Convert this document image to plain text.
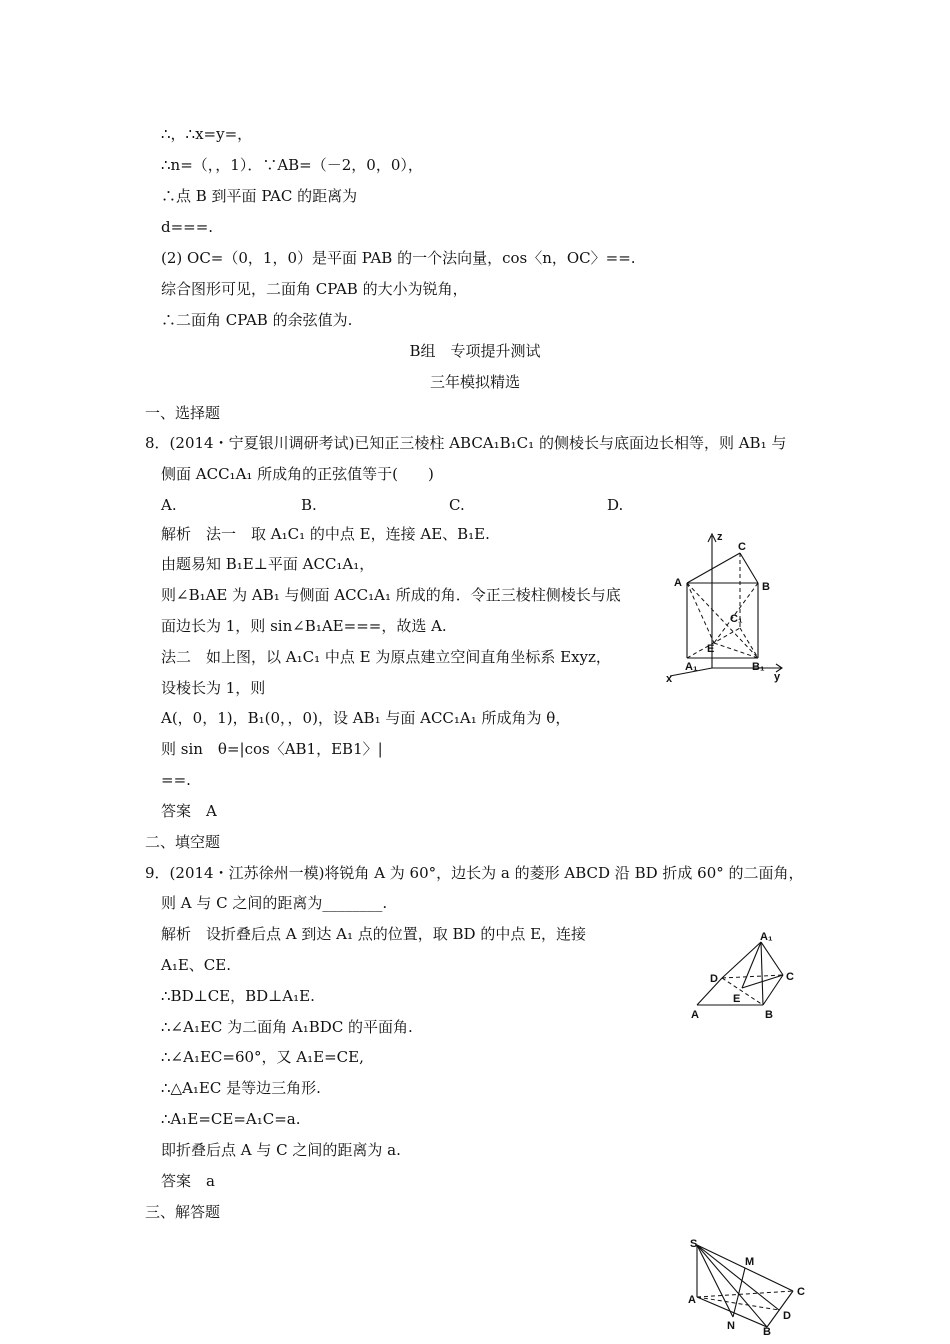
∴，∴x=y=，
∴n=（，，1）．∵AB=（－2，0，0），
∴点 B 到平面 PAC 的距离为
d===.
(2) OC=（0，1，0）是平面 PAB 的一个法向量，cos〈n，OC〉==.
综合图形可见，二面角 CPAB 的大小为锐角，
∴二面角 CPAB 的余弦值为.
B组　专项提升测试
三年模拟精选
一、选择题
8．(2014・宁夏银川调研考试)已知正三棱柱 ABCA₁B₁C₁ 的侧棱长与底面边长相等，则 AB₁ 与
侧面 ACC₁A₁ 所成角的正弦值等于(　　)
A.	B.	C.	D.
解析　法一　取 A₁C₁ 的中点 E，连接 AE、B₁E.
由题易知 B₁E⊥平面 ACC₁A₁，
则∠B₁AE 为 AB₁ 与侧面 ACC₁A₁ 所成的角．令正三棱柱侧棱长与底
面边长为 1，则 sin∠B₁AE===，故选 A.
法二　如上图，以 A₁C₁ 中点 E 为原点建立空间直角坐标系 Exyz，
设棱长为 1，则
A(，0，1)，B₁(0，，0)，设 AB₁ 与面 ACC₁A₁ 所成角为 θ，
则 sin　θ=|cos〈AB1，EB1〉|
==.
答案　A
二、填空题
9．(2014・江苏徐州一模)将锐角 A 为 60°，边长为 a 的菱形 ABCD 沿 BD 折成 60° 的二面角，
则 A 与 C 之间的距离为________.
解析　设折叠后点 A 到达 A₁ 点的位置，取 BD 的中点 E，连接
A₁E、CE.
∴BD⊥CE，BD⊥A₁E.
∴∠A₁EC 为二面角 A₁BDC 的平面角.
∴∠A₁EC=60°，又 A₁E=CE,
∴△A₁EC 是等边三角形.
∴A₁E=CE=A₁C=a.
即折叠后点 A 与 C 之间的距离为 a.
答案　a
三、解答题
z
y
x
C
A	B
C₁
E
A₁	B₁
A₁
D	C
E
A	B
S
M
C
A
N
D
B
